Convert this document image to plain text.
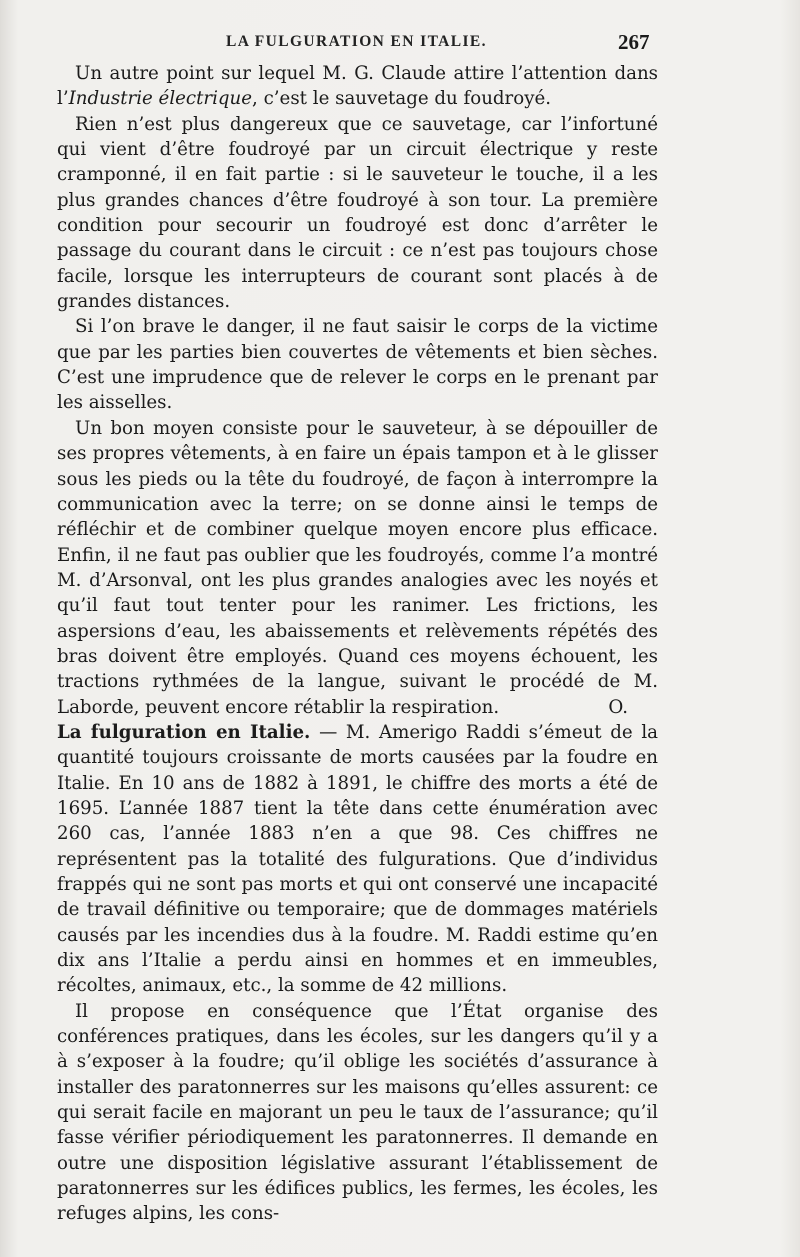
LA FULGURATION EN ITALIE.	267

Un autre point sur lequel M. G. Claude attire l’attention dans l’Industrie électrique, c’est le sauvetage du foudroyé.

Rien n’est plus dangereux que ce sauvetage, car l’infortuné qui vient d’être foudroyé par un circuit électrique y reste cramponné, il en fait partie : si le sauveteur le touche, il a les plus grandes chances d’être foudroyé à son tour. La première condition pour secourir un foudroyé est donc d’arrêter le passage du courant dans le circuit : ce n’est pas toujours chose facile, lorsque les interrupteurs de courant sont placés à de grandes distances.

Si l’on brave le danger, il ne faut saisir le corps de la victime que par les parties bien couvertes de vêtements et bien sèches. C’est une imprudence que de relever le corps en le prenant par les aisselles.

Un bon moyen consiste pour le sauveteur, à se dépouiller de ses propres vêtements, à en faire un épais tampon et à le glisser sous les pieds ou la tête du foudroyé, de façon à interrompre la communication avec la terre; on se donne ainsi le temps de réfléchir et de combiner quelque moyen encore plus efficace. Enfin, il ne faut pas oublier que les foudroyés, comme l’a montré M. d’Arsonval, ont les plus grandes analogies avec les noyés et qu’il faut tout tenter pour les ranimer. Les frictions, les aspersions d’eau, les abaissements et relèvements répétés des bras doivent être employés. Quand ces moyens échouent, les tractions rythmées de la langue, suivant le procédé de M. Laborde, peuvent encore rétablir la respiration.	O.

La fulguration en Italie. — M. Amerigo Raddi s’émeut de la quantité toujours croissante de morts causées par la foudre en Italie. En 10 ans de 1882 à 1891, le chiffre des morts a été de 1695. L’année 1887 tient la tête dans cette énumération avec 260 cas, l’année 1883 n’en a que 98. Ces chiffres ne représentent pas la totalité des fulgurations. Que d’individus frappés qui ne sont pas morts et qui ont conservé une incapacité de travail définitive ou temporaire; que de dommages matériels causés par les incendies dus à la foudre. M. Raddi estime qu’en dix ans l’Italie a perdu ainsi en hommes et en immeubles, récoltes, animaux, etc., la somme de 42 millions.

Il propose en conséquence que l’État organise des conférences pratiques, dans les écoles, sur les dangers qu’il y a à s’exposer à la foudre; qu’il oblige les sociétés d’assurance à installer des paratonnerres sur les maisons qu’elles assurent: ce qui serait facile en majorant un peu le taux de l’assurance; qu’il fasse vérifier périodiquement les paratonnerres. Il demande en outre une disposition législative assurant l’établissement de paratonnerres sur les édifices publics, les fermes, les écoles, les refuges alpins, les cons-
